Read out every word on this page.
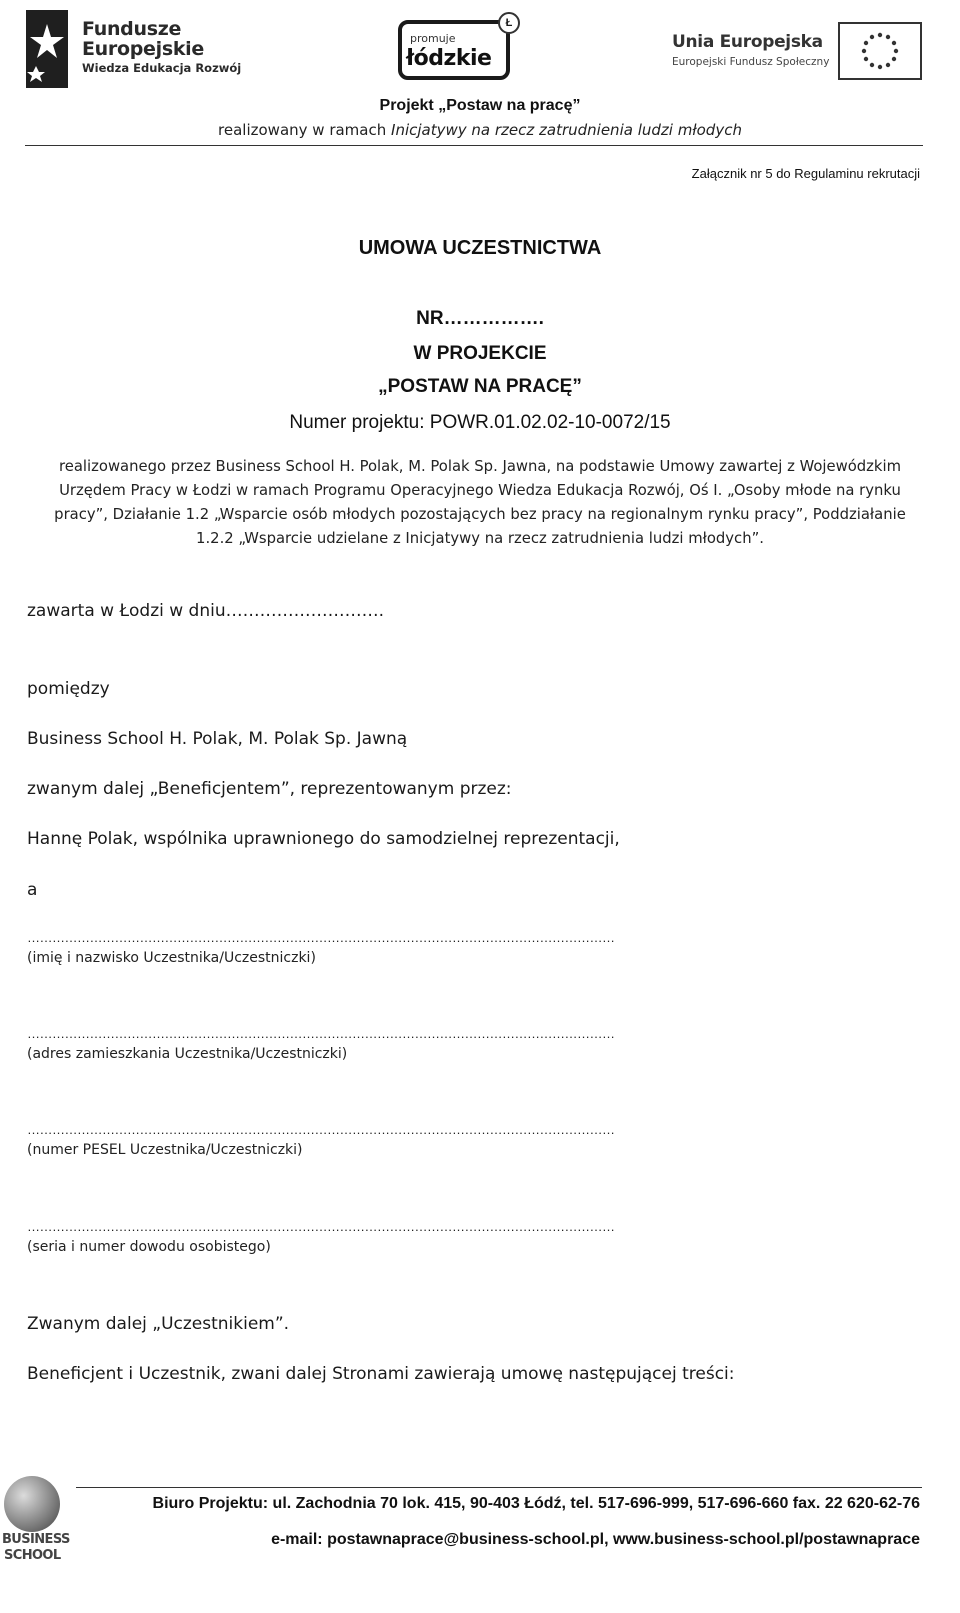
Fundusze
Europejskie
Wiedza Edukacja Rozwój
promuje
łódzkie
Ł
Unia Europejska
Europejski Fundusz Społeczny
Projekt „Postaw na pracę”
realizowany w ramach Inicjatywy na rzecz zatrudnienia ludzi młodych
Załącznik nr 5 do Regulaminu rekrutacji
UMOWA UCZESTNICTWA
NR…………….
W PROJEKCIE
„POSTAW NA PRACĘ”
Numer projektu: POWR.01.02.02-10-0072/15
realizowanego przez Business School H. Polak, M. Polak Sp. Jawna, na podstawie Umowy zawartej z Wojewódzkim Urzędem Pracy w Łodzi w ramach Programu Operacyjnego Wiedza Edukacja Rozwój, Oś I. „Osoby młode na rynku pracy”, Działanie 1.2 „Wsparcie osób młodych pozostających bez pracy na regionalnym rynku pracy”, Poddziałanie 1.2.2 „Wsparcie udzielane z Inicjatywy na rzecz zatrudnienia ludzi młodych”.
zawarta w Łodzi w dniu……………………….
pomiędzy
Business School H. Polak, M. Polak Sp. Jawną
zwanym dalej „Beneficjentem”, reprezentowanym przez:
Hannę Polak, wspólnika uprawnionego do samodzielnej reprezentacji,
a
……………………………………………………………………………………………………………………………
(imię i nazwisko Uczestnika/Uczestniczki)
……………………………………………………………………………………………………………………………
(adres zamieszkania Uczestnika/Uczestniczki)
……………………………………………………………………………………………………………………………
(numer PESEL Uczestnika/Uczestniczki)
……………………………………………………………………………………………………………………………
(seria i numer dowodu osobistego)
Zwanym dalej „Uczestnikiem”.
Beneficjent i Uczestnik, zwani dalej Stronami zawierają umowę następującej treści:
BUSINESS
SCHOOL
Biuro Projektu: ul. Zachodnia 70 lok. 415, 90-403 Łódź, tel. 517-696-999, 517-696-660 fax. 22 620-62-76
e-mail: postawnaprace@business-school.pl, www.business-school.pl/postawnaprace
